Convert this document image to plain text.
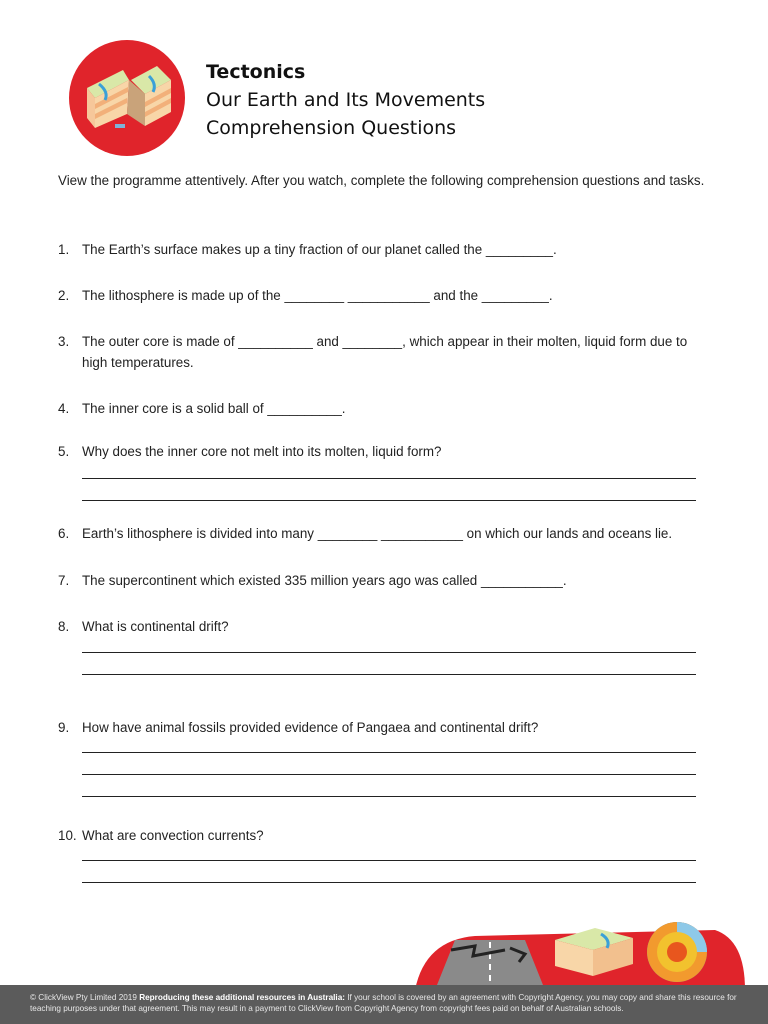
Tectonics
Our Earth and Its Movements
Comprehension Questions
View the programme attentively. After you watch, complete the following comprehension questions and tasks.
1. The Earth’s surface makes up a tiny fraction of our planet called the _________.
2. The lithosphere is made up of the ________ ___________ and the _________.
3. The outer core is made of __________ and ________, which appear in their molten, liquid form due to high temperatures.
4. The inner core is a solid ball of __________.
5. Why does the inner core not melt into its molten, liquid form?
6. Earth’s lithosphere is divided into many ________ ___________ on which our lands and oceans lie.
7. The supercontinent which existed 335 million years ago was called ___________.
8. What is continental drift?
9. How have animal fossils provided evidence of Pangaea and continental drift?
10. What are convection currents?
© ClickView Pty Limited 2019 Reproducing these additional resources in Australia: If your school is covered by an agreement with Copyright Agency, you may copy and share this resource for teaching purposes under that agreement. This may result in a payment to ClickView from Copyright Agency from copyright fees paid on behalf of Australian schools.
